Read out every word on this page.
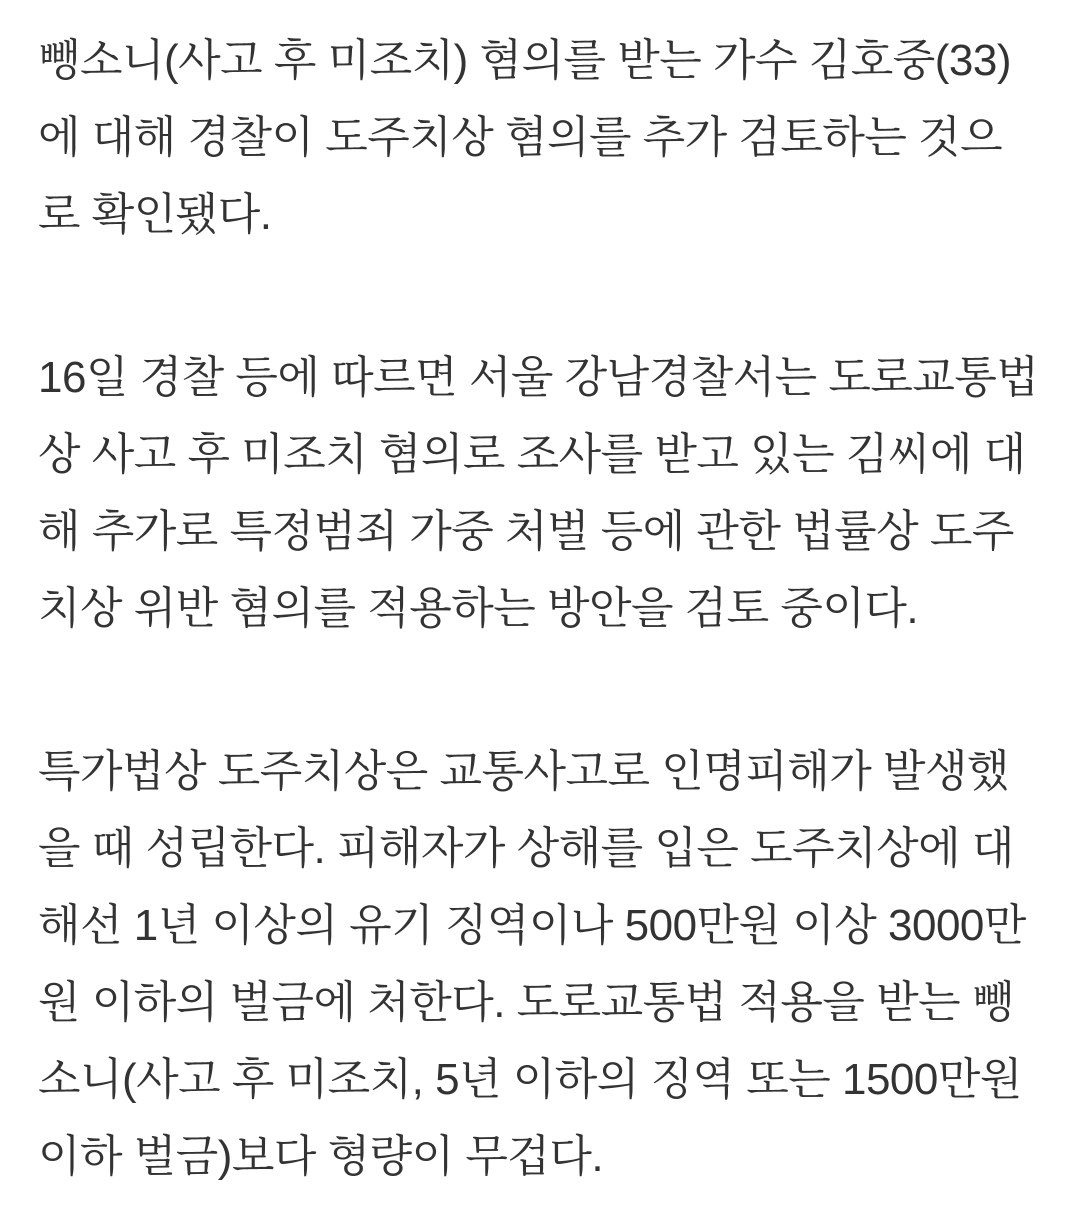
뺑소니(사고 후 미조치) 혐의를 받는 가수 김호중(33)에 대해 경찰이 도주치상 혐의를 추가 검토하는 것으로 확인됐다.

16일 경찰 등에 따르면 서울 강남경찰서는 도로교통법상 사고 후 미조치 혐의로 조사를 받고 있는 김씨에 대해 추가로 특정범죄 가중 처벌 등에 관한 법률상 도주치상 위반 혐의를 적용하는 방안을 검토 중이다.

특가법상 도주치상은 교통사고로 인명피해가 발생했을 때 성립한다. 피해자가 상해를 입은 도주치상에 대해선 1년 이상의 유기 징역이나 500만원 이상 3000만원 이하의 벌금에 처한다. 도로교통법 적용을 받는 뺑소니(사고 후 미조치, 5년 이하의 징역 또는 1500만원 이하 벌금)보다 형량이 무겁다.
